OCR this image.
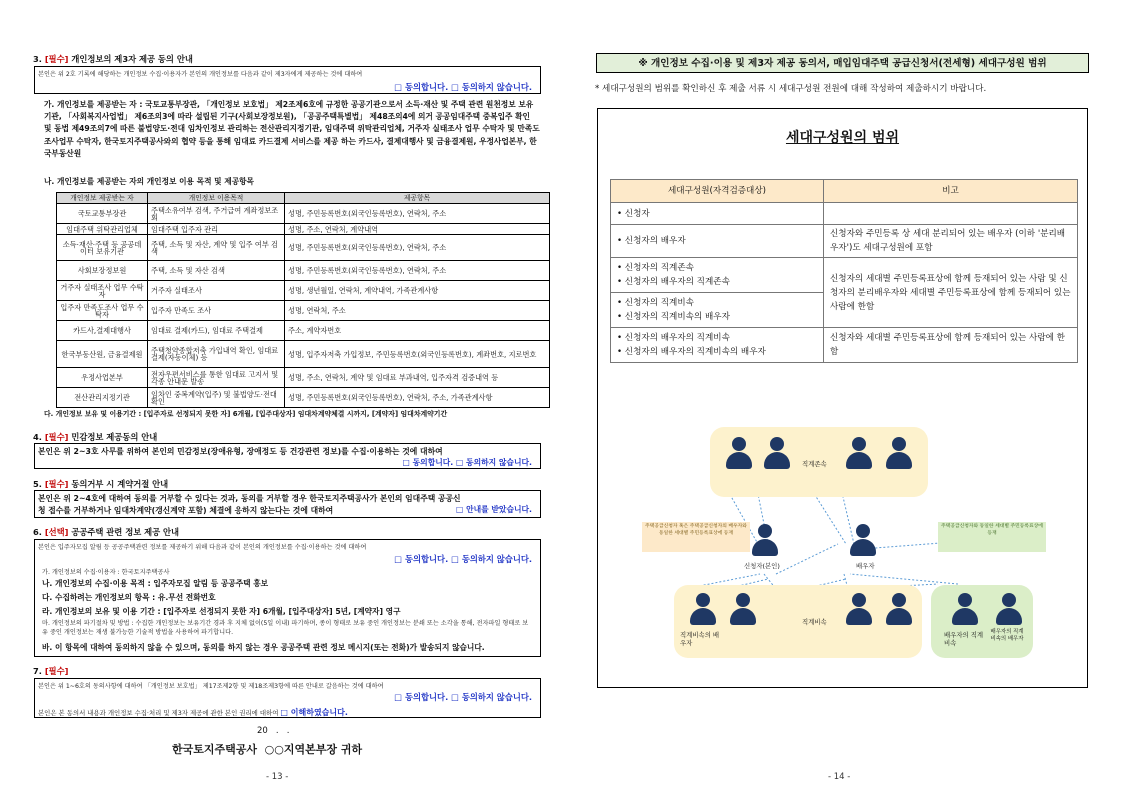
3. [필수] 개인정보의 제3자 제공 동의 안내
본인은 위 2호 기록에 해당하는 개인정보 수집·이용자가 본인의 개인정보를 다음과 같이 제3자에게 제공하는 것에 대하여
□ 동의합니다. □ 동의하지 않습니다.
가. 개인정보를 제공받는 자 : 국토교통부장관, 「개인정보 보호법」 제2조제6호에 규정한 공공기관으로서 소득·재산 및 주택 관련 원천정보 보유기관, 「사회복지사업법」 제6조의3에 따라 설립된 기구(사회보장정보원), 「공공주택특별법」 제48조의4에 의거 공공임대주택 중복입주 확인 및 동법 제49조의7에 따른 불법양도·전대 임차인정보 관리하는 전산관리지정기관, 임대주택 위탁관리업체, 거주자 실태조사 업무 수탁자 및 만족도 조사업무 수탁자, 한국토지주택공사와의 협약 등을 통해 임대료 카드결제 서비스를 제공 하는 카드사, 결제대행사 및 금융결제원, 우정사업본부, 한국부동산원
나. 개인정보를 제공받는 자의 개인정보 이용 목적 및 제공항목
개인정보 제공받는 자	개인정보 이용목적	제공항목
국토교통부장관	주택소유여부 검색, 주거급여 계좌정보조회	성명, 주민등록번호(외국인등록번호), 연락처, 주소
임대주택 위탁관리업체	임대주택 입주자 관리	성명, 주소, 연락처, 계약내역
소득·재산·주택 등 공공데이터 보유기관	주택, 소득 및 자산, 계약 및 입주 여부 검색	성명, 주민등록번호(외국인등록번호), 연락처, 주소
사회보장정보원	주택, 소득 및 자산 검색	성명, 주민등록번호(외국인등록번호), 연락처, 주소
거주자 실태조사 업무 수탁자	거주자 실태조사	성명, 생년월일, 연락처, 계약내역, 가족관계사항
입주자 만족도조사 업무 수탁자	입주자 만족도 조사	성명, 연락처, 주소
카드사,결제대행사	임대료 결제(카드), 임대료 주택결제	주소, 계약자번호
한국부동산원, 금융결제원	주택청약종합저축 가입내역 확인, 임대료 결제(자동이체) 등	성명, 입주자저축 가입정보, 주민등록번호(외국인등록번호), 계좌번호, 지로번호
우정사업본부	전자우편서비스를 통한 임대료 고지서 및 각종 안내문 발송	성명, 주소, 연락처, 계약 및 임대료 부과내역, 입주자격 검증내역 등
전산관리지정기관	임차인 중복계약(입주) 및 불법양도·전대 확인	성명, 주민등록번호(외국인등록번호), 연락처, 주소, 가족관계사항
다. 개인정보 보유 및 이용기간 : [입주자로 선정되지 못한 자] 6개월, [입주대상자] 임대차계약체결 시까지, [계약자] 임대차계약기간
4. [필수] 민감정보 제공동의 안내
본인은 위 2~3호 사무를 위하여 본인의 민감정보(장애유형, 장애정도 등 건강관련 정보)를 수집·이용하는 것에 대하여
□ 동의합니다. □ 동의하지 않습니다.
5. [필수] 동의거부 시 계약거절 안내
본인은 위 2~4호에 대하여 동의를 거부할 수 있다는 것과, 동의를 거부할 경우 한국토지주택공사가 본인의 임대주택 공공신청 접수를 거부하거나 임대차계약(갱신계약 포함) 체결에 응하지 않는다는 것에 대하여	□ 안내를 받았습니다.
6. [선택] 공공주택 관련 정보 제공 안내
본인은 입주자모집 알림 등 공공주택관련 정보를 제공하기 위해 다음과 같이 본인의 개인정보를 수집·이용하는 것에 대하여
□ 동의합니다. □ 동의하지 않습니다.
가. 개인정보의 수집·이용자 : 한국토지주택공사
나. 개인정보의 수집·이용 목적 : 입주자모집 알림 등 공공주택 홍보
다. 수집하려는 개인정보의 항목 : 유.무선 전화번호
라. 개인정보의 보유 및 이용 기간 : [입주자로 선정되지 못한 자] 6개월, [입주대상자] 5년, [계약자] 영구
마. 개인정보의 파기절차 및 방법 : 수집한 개인정보는 보유기간 경과 후 지체 없이(5일 이내) 파기하며, 종이 형태로 보유 중인 개인정보는 분쇄 또는 소각을 통해, 전자파일 형태로 보유 중인 개인정보는 재생 불가능한 기술적 방법을 사용하여 파기합니다.
바. 이 항목에 대하여 동의하지 않을 수 있으며, 동의를 하지 않는 경우 공공주택 관련 정보 메시지(또는 전화)가 발송되지 않습니다.
7. [필수]
본인은 위 1~6호의 동의사항에 대하여 「개인정보 보호법」 제17조제2항 및 제18조제3항에 따른 안내로 갈음하는 것에 대하여
□ 동의합니다. □ 동의하지 않습니다.
본인은 본 동의서 내용과 개인정보 수집·처리 및 제3자 제공에 관한 본인 권리에 대하여 □ 이해하였습니다.
20   .   .
한국토지주택공사  ○○지역본부장 귀하
- 13 -
※ 개인정보 수집·이용 및 제3자 제공 동의서, 매입임대주택 공급신청서(전세형) 세대구성원 범위
* 세대구성원의 범위를 확인하신 후 제출 서류 시 세대구성원 전원에 대해 작성하여 제출하시기 바랍니다.
세대구성원의 범위
세대구성원(자격검증대상)	비고
• 신청자	
• 신청자의 배우자	신청자와 주민등록 상 세대 분리되어 있는 배우자 (이하 '분리배우자')도 세대구성원에 포함

• 신청자의 직계존속
• 신청자의 배우자의 직계존속	신청자의 세대별 주민등록표상에 함께 등재되어 있는 사람 및 신청자의 분리배우자와 세대별 주민등록표상에 함께 등재되어 있는 사람에 한함

• 신청자의 직계비속
• 신청자의 직계비속의 배우자	

• 신청자의 배우자의 직계비속
• 신청자의 배우자의 직계비속의 배우자	신청자와 세대별 주민등록표상에 함께 등재되어 있는 사람에 한함
직계존속
주택공급신청자 혹은 주택공급신청자의 배우자와 동일한 세대별 주민등록표상에 등재
주택공급신청자와 동일한 세대별 주민등록표상에 등재
신청자(본인)	배우자
직계비속
직계비속의 배우자
배우자의 직계비속
배우자의 직계비속의 배우자
- 14 -
